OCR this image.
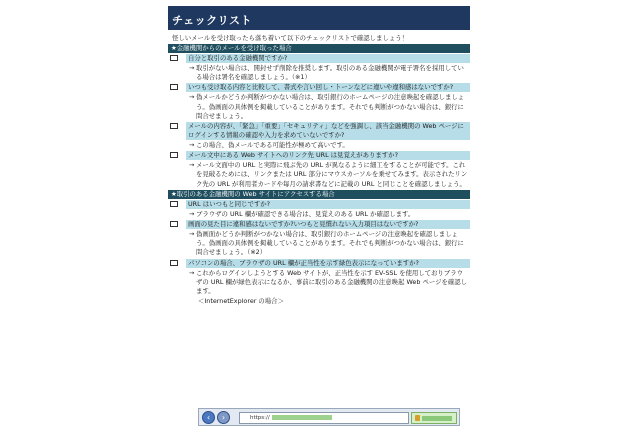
チェックリスト
怪しいメールを受け取ったら落ち着いて以下のチェックリストで確認しましょう！
★金融機関からのメールを受け取った場合
自分と取引のある金融機関ですか?
→ 取引がない場合は、開封せず削除を推奨します。取引のある金融機関が電子署名を採用している場合は署名を確認しましょう。（※1）
いつも受け取る内容と比較して、書式や言い回し・トーンなどに違いや違和感はないですか?
→ 偽メールかどうか判断がつかない場合は、取引銀行のホームページの注意喚起を確認しましょう。偽画面の具体例を掲載していることがあります。それでも判断がつかない場合は、銀行に問合せましょう。
メールの内容が、「緊急」「重要」「セキュリティ」などを強調し、該当金融機関の Web ページにログインする情報の確認や入力を求めていないですか?
→ この場合、偽メールである可能性が極めて高いです。
メール文中にある Web サイトへのリンク先 URL は見覚えがありますか?
→ メール文面中の URL と実際に飛ぶ先の URL が異なるように細工をすることが可能です。これを見破るためには、リンクまたは URL 部分にマウスカーソルを乗せてみます。表示されたリンク先の URL が利用者カードや毎月の請求書などに記載の URL と同じことを確認しましょう。
★取引のある金融機関の Web サイトにアクセスする場合
URL はいつもと同じですか?
→ ブラウザの URL 欄が確認できる場合は、見覚えのある URL か確認します。
画面の見た目に違和感はないですか?いつもと見慣れない入力項目はないですか?
→ 偽画面かどうか判断がつかない場合は、取引銀行のホームページの注意喚起を確認しましょう。偽画面の具体例を掲載していることがあります。それでも判断がつかない場合は、銀行に問合せましょう。（※2）
パソコンの場合、ブラウザの URL 欄が正当性を示す緑色表示になっていますか?
→ これからログインしようとする Web サイトが、正当性を示す EV-SSL を使用しておりブラウザの URL 欄が緑色表示になるか、事前に取引のある金融機関の注意喚起 Web ページを確認します。
＜InternetExplorer の場合＞
‹	›	https://
